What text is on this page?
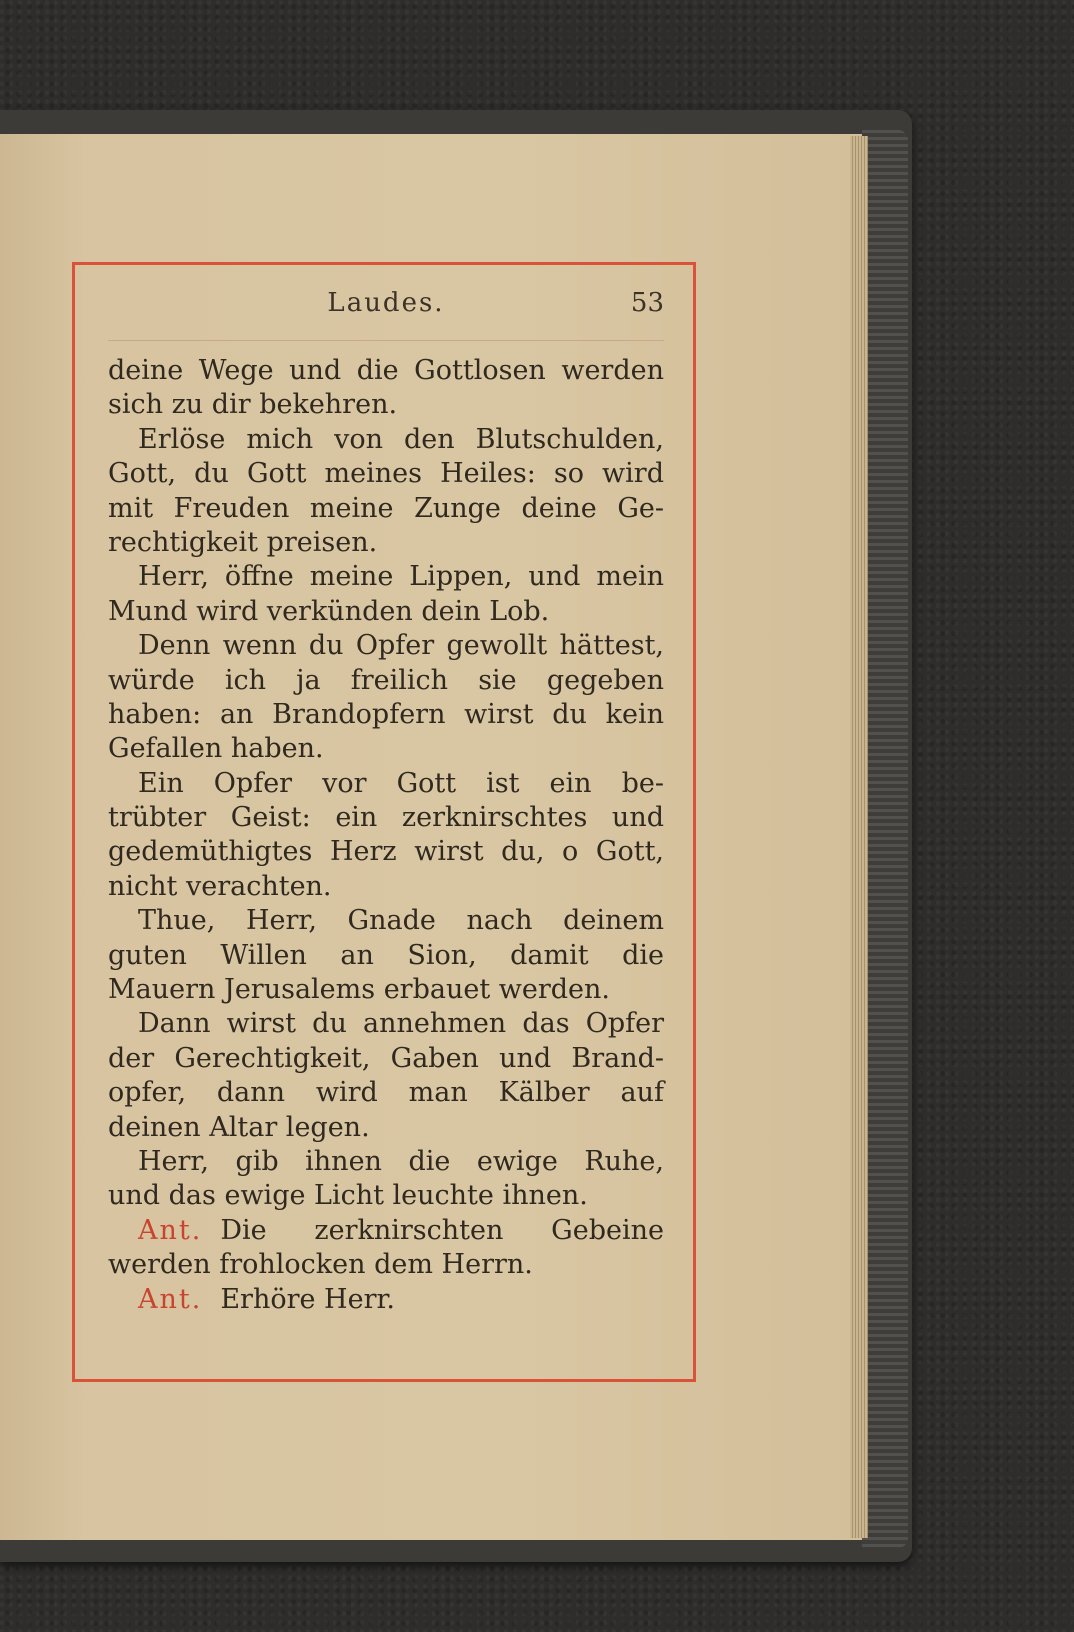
Laudes.	53
deine Wege und die Gottlosen werden
sich zu dir bekehren.
Erlöse mich von den Blutschulden,
Gott, du Gott meines Heiles: so wird
mit Freuden meine Zunge deine Ge-
rechtigkeit preisen.
Herr, öffne meine Lippen, und mein
Mund wird verkünden dein Lob.
Denn wenn du Opfer gewollt hättest,
würde ich ja freilich sie gegeben
haben: an Brandopfern wirst du kein
Gefallen haben.
Ein Opfer vor Gott ist ein be-
trübter Geist: ein zerknirschtes und
gedemüthigtes Herz wirst du, o Gott,
nicht verachten.
Thue, Herr, Gnade nach deinem
guten Willen an Sion, damit die
Mauern Jerusalems erbauet werden.
Dann wirst du annehmen das Opfer
der Gerechtigkeit, Gaben und Brand-
opfer, dann wird man Kälber auf
deinen Altar legen.
Herr, gib ihnen die ewige Ruhe,
und das ewige Licht leuchte ihnen.
Ant. Die zerknirschten Gebeine
werden frohlocken dem Herrn.
Ant. Erhöre Herr.
